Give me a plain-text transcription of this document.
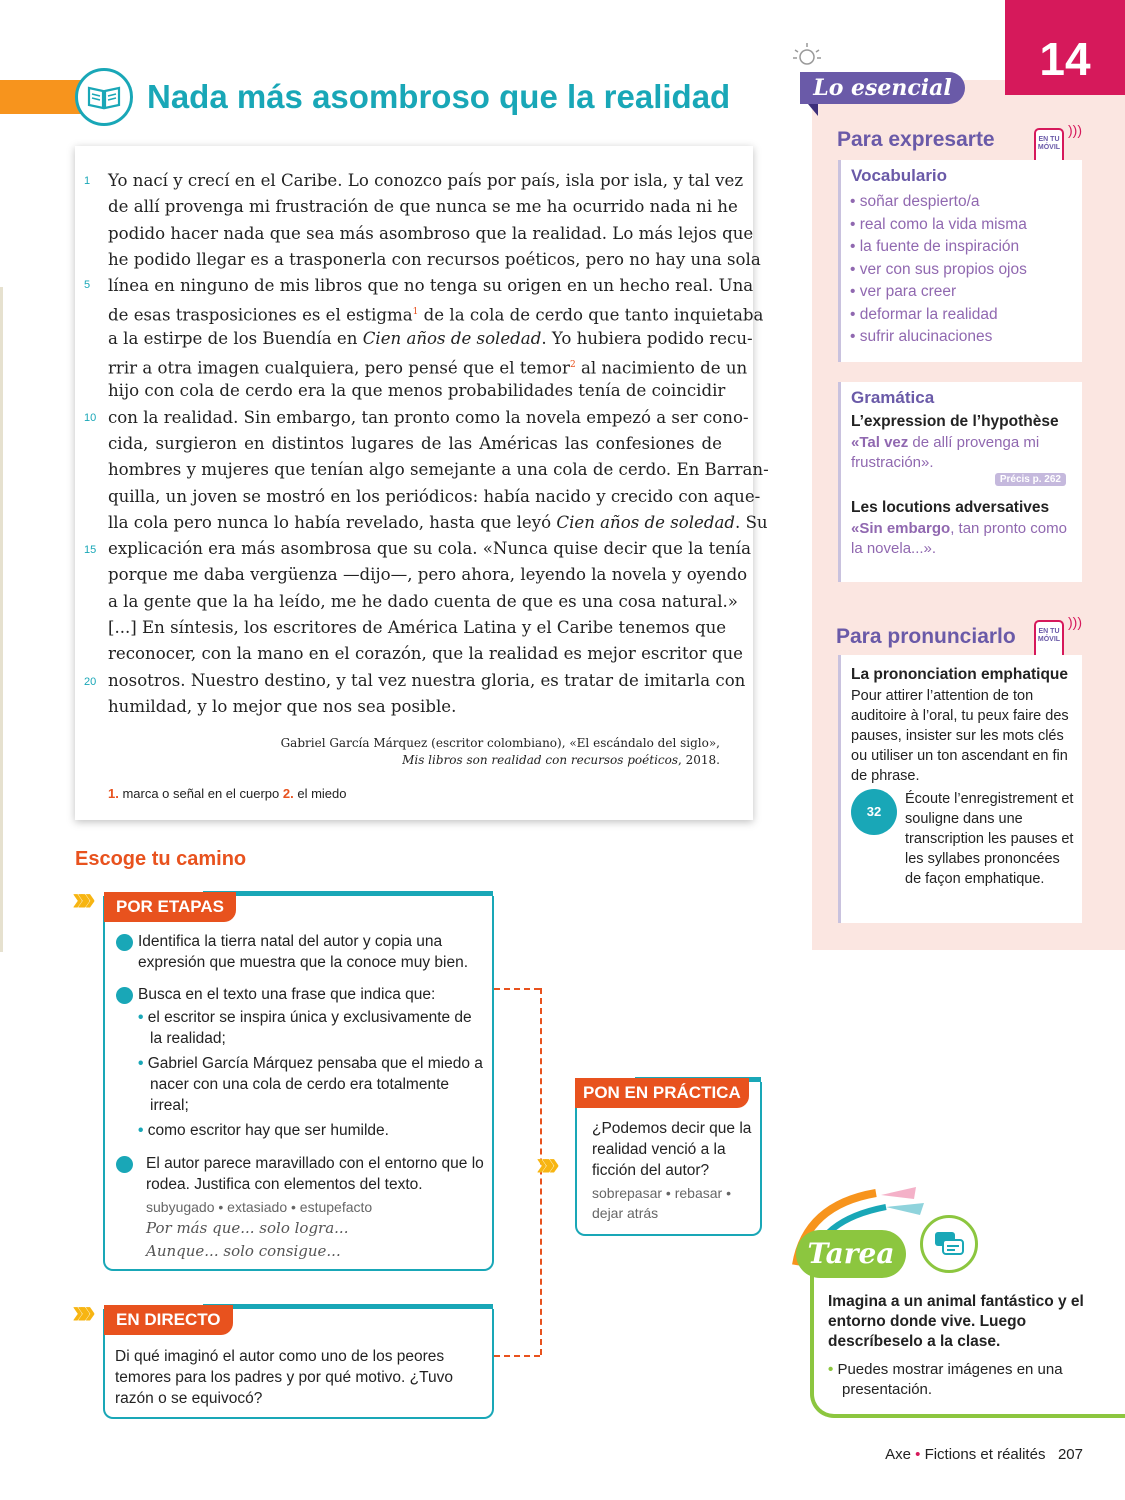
Nada más asombroso que la realidad
1
5
10
15
20
Yo nací y crecí en el Caribe. Lo conozco país por país, isla por isla, y tal vez
de allí provenga mi frustración de que nunca se me ha ocurrido nada ni he
podido hacer nada que sea más asombroso que la realidad. Lo más lejos que
he podido llegar es a trasponerla con recursos poéticos, pero no hay una sola
línea en ninguno de mis libros que no tenga su origen en un hecho real. Una
de esas trasposiciones es el estigma$^1$ de la cola de cerdo que tanto inquietaba
a la estirpe de los Buendía en Cien años de soledad. Yo hubiera podido recu-
rrir a otra imagen cualquiera, pero pensé que el temor$^2$ al nacimiento de un
hijo con cola de cerdo era la que menos probabilidades tenía de coincidir
con la realidad. Sin embargo, tan pronto como la novela empezó a ser cono-
cida, surgieron en distintos lugares de las Américas las confesiones de
hombres y mujeres que tenían algo semejante a una cola de cerdo. En Barran-
quilla, un joven se mostró en los periódicos: había nacido y crecido con aque-
lla cola pero nunca lo había revelado, hasta que leyó Cien años de soledad. Su
explicación era más asombrosa que su cola. «Nunca quise decir que la tenía
porque me daba vergüenza —dijo—, pero ahora, leyendo la novela y oyendo
a la gente que la ha leído, me he dado cuenta de que es una cosa natural.»
[...] En síntesis, los escritores de América Latina y el Caribe tenemos que
reconocer, con la mano en el corazón, que la realidad es mejor escritor que
nosotros. Nuestro destino, y tal vez nuestra gloria, es tratar de imitarla con
humildad, y lo mejor que nos sea posible.
Gabriel García Márquez (escritor colombiano), «El escándalo del siglo»,
Mis libros son realidad con recursos poéticos, 2018.
1. marca o señal en el cuerpo 2. el miedo
14
Lo esencial
Para expresarte	EN TU MÓVIL
)))
Vocabulario
• soñar despierto/a
• real como la vida misma
• la fuente de inspiración
• ver con sus propios ojos
• ver para creer
• deformar la realidad
• sufrir alucinaciones
Gramática
L’expression de l’hypothèse
«Tal vez de allí provenga mi frustración».
Précis p. 262
Les locutions adversatives
«Sin embargo, tan pronto como la novela...».
Para pronunciarlo	EN TU MÓVIL
)))
La prononciation emphatique
Pour attirer l’attention de ton auditoire à l’oral, tu peux faire des pauses, insister sur les mots clés ou utiliser un ton ascendant en fin de phrase.
32
Écoute l’enregistrement et souligne dans une transcription les pauses et les syllabes prononcées de façon emphatique.
Escoge tu camino
»»	POR ETAPAS
1 Identifica la tierra natal del autor y copia una expresión que muestra que la conoce muy bien.
2 Busca en el texto una frase que indica que:
• el escritor se inspira única y exclusivamente de la realidad;
• Gabriel García Márquez pensaba que el miedo a nacer con una cola de cerdo era totalmente irreal;
• como escritor hay que ser humilde.
3 El autor parece maravillado con el entorno que lo rodea. Justifica con elementos del texto.
subyugado • extasiado • estupefacto
Por más que... solo logra...
Aunque... solo consigue...
»»
»»	EN DIRECTO
Di qué imaginó el autor como uno de los peores temores para los padres y por qué motivo. ¿Tuvo razón o se equivocó?
PON EN PRÁCTICA
¿Podemos decir que la realidad venció a la ficción del autor?
sobrepasar • rebasar • dejar atrás
Tarea
Imagina a un animal fantástico y el entorno donde vive. Luego descríbeselo a la clase.
• Puedes mostrar imágenes en una presentación.
Axe • Fictions et réalités 207
